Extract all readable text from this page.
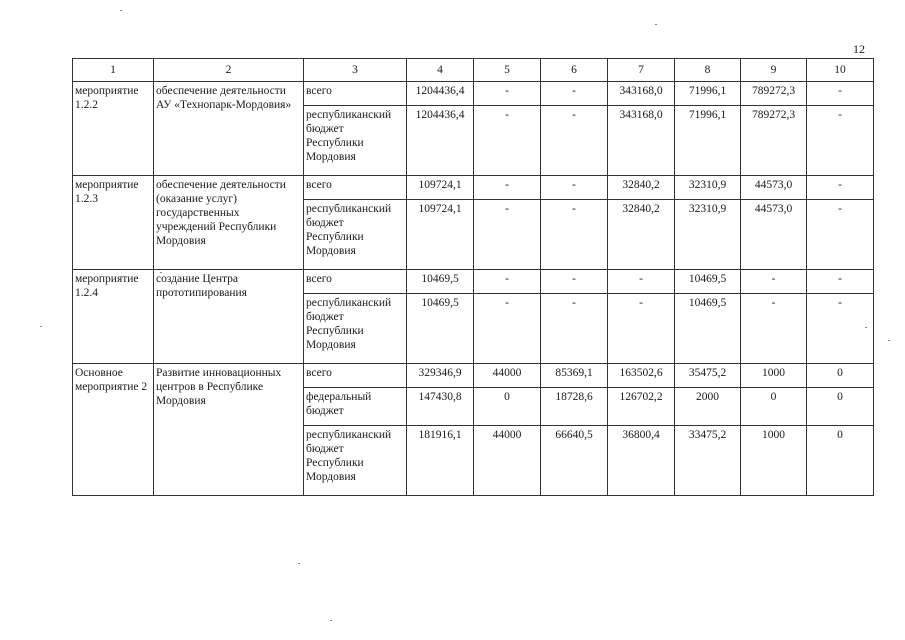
12
1	2	3	4	5	6	7	8	9	10
мероприятие 1.2.2	обеспечение деятельности АУ «Технопарк-Мордовия»	всего	1204436,4	-	-	343168,0	71996,1	789272,3	-
		республиканский бюджет Республики Мордовия	1204436,4	-	-	343168,0	71996,1	789272,3	-
мероприятие 1.2.3	обеспечение деятельности (оказание услуг) государственных учреждений Республики Мордовия	всего	109724,1	-	-	32840,2	32310,9	44573,0	-
		республиканский бюджет Республики Мордовия	109724,1	-	-	32840,2	32310,9	44573,0	-
мероприятие 1.2.4	создание Центра прототипирования	всего	10469,5	-	-	-	10469,5	-	-
		республиканский бюджет Республики Мордовия	10469,5	-	-	-	10469,5	-	-
Основное мероприятие 2	Развитие инновационных центров в Республике Мордовия	всего	329346,9	44000	85369,1	163502,6	35475,2	1000	0
		федеральный бюджет	147430,8	0	18728,6	126702,2	2000	0	0
		республиканский бюджет Республики Мордовия	181916,1	44000	66640,5	36800,4	33475,2	1000	0
